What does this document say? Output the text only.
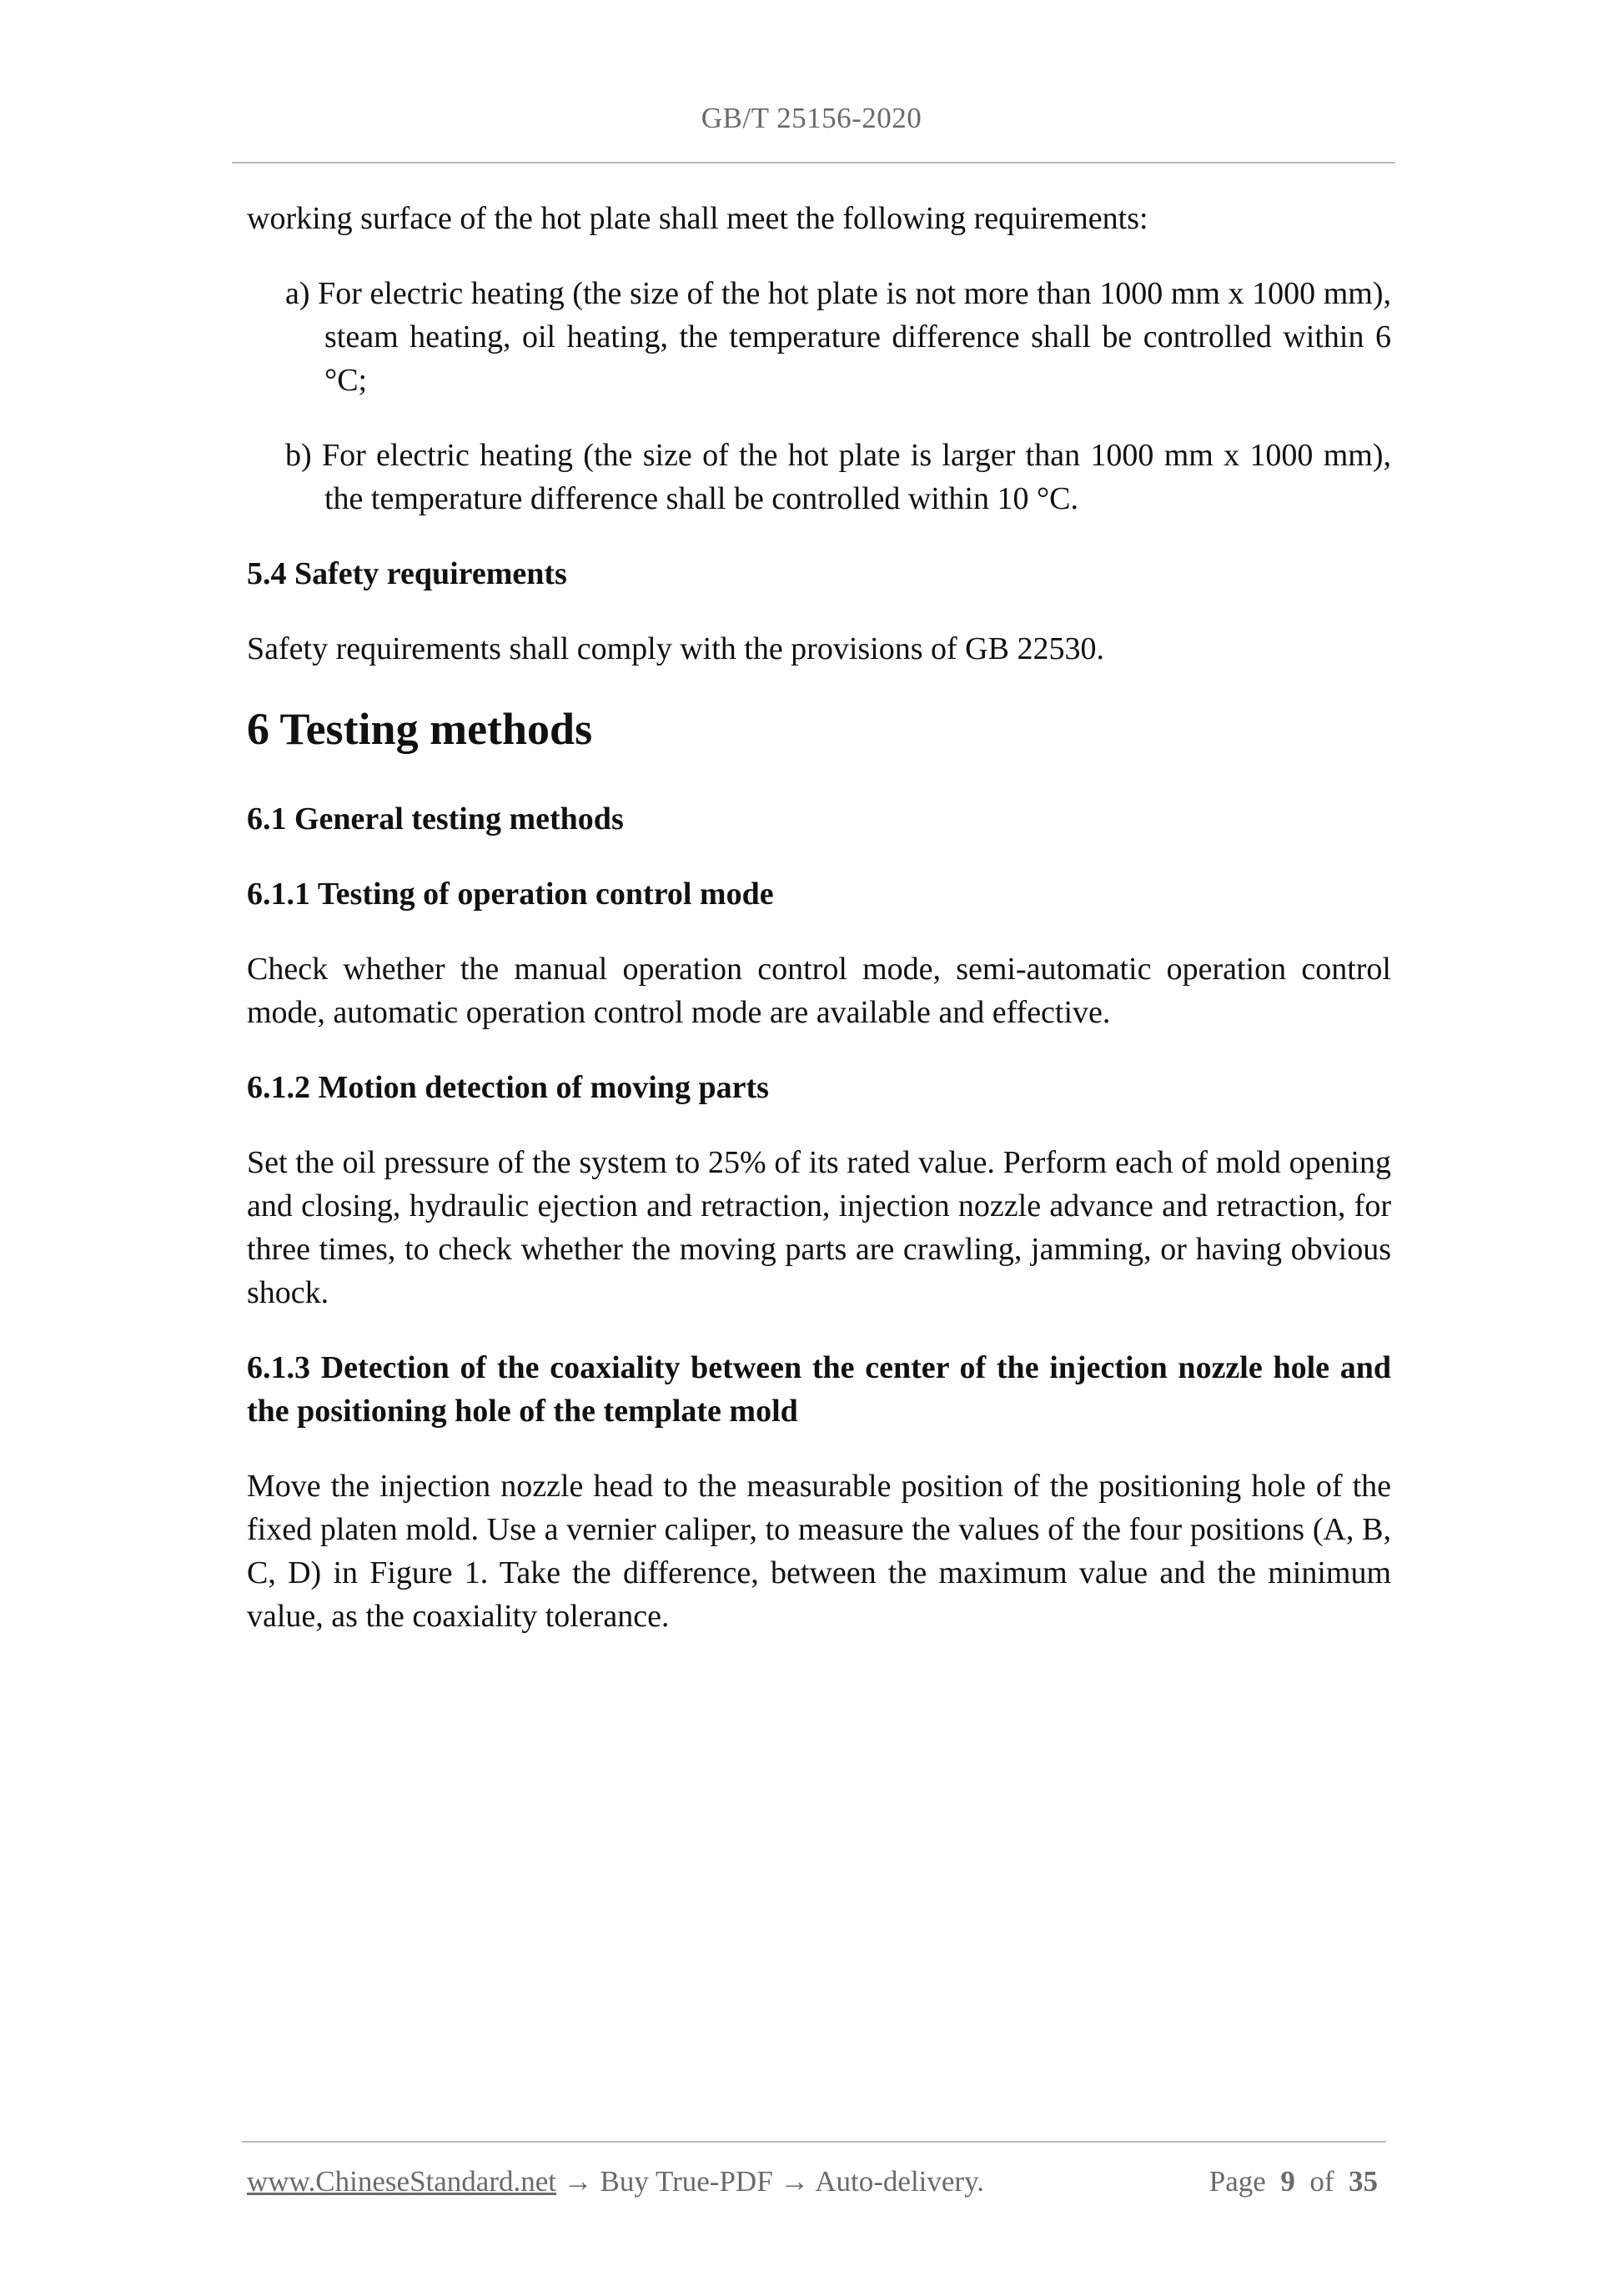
GB/T 25156-2020

working surface of the hot plate shall meet the following requirements:

a) For electric heating (the size of the hot plate is not more than 1000 mm x 1000 mm), steam heating, oil heating, the temperature difference shall be controlled within 6 °C;
b) For electric heating (the size of the hot plate is larger than 1000 mm x 1000 mm), the temperature difference shall be controlled within 10 °C.
5.4 Safety requirements

Safety requirements shall comply with the provisions of GB 22530.

6 Testing methods
6.1 General testing methods
6.1.1 Testing of operation control mode

Check whether the manual operation control mode, semi-automatic operation control mode, automatic operation control mode are available and effective.

6.1.2 Motion detection of moving parts

Set the oil pressure of the system to 25% of its rated value. Perform each of mold opening and closing, hydraulic ejection and retraction, injection nozzle advance and retraction, for three times, to check whether the moving parts are crawling, jamming, or having obvious shock.

6.1.3 Detection of the coaxiality between the center of the injection nozzle hole and the positioning hole of the template mold

Move the injection nozzle head to the measurable position of the positioning hole of the fixed platen mold. Use a vernier caliper, to measure the values of the four positions (A, B, C, D) in Figure 1. Take the difference, between the maximum value and the minimum value, as the coaxiality tolerance.

www.ChineseStandard.net → Buy True-PDF → Auto-delivery.	Page 9 of 35
